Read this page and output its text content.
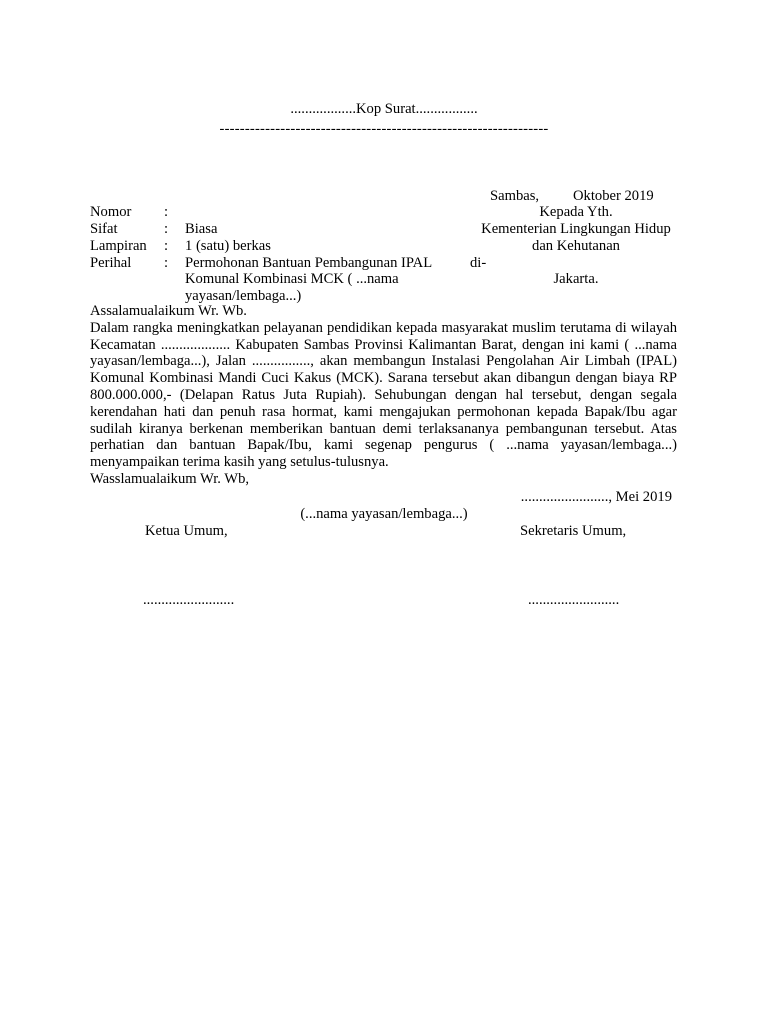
..................Kop Surat.................
-----------------------------------------------------------------
Sambas, Oktober 2019
Kepada Yth.
Kementerian Lingkungan Hidup
dan Kehutanan
di-
Jakarta.
Nomor :
Sifat	: Biasa
Lampiran : 1 (satu) berkas
Perihal : Permohonan Bantuan Pembangunan IPAL
Komunal Kombinasi MCK ( ...nama
yayasan/lembaga...)

Assalamualaikum Wr. Wb.

Dalam rangka meningkatkan pelayanan pendidikan kepada masyarakat muslim terutama di wilayah Kecamatan ................... Kabupaten Sambas Provinsi Kalimantan Barat, dengan ini kami ( ...nama yayasan/lembaga...), Jalan ................, akan membangun Instalasi Pengolahan Air Limbah (IPAL) Komunal Kombinasi Mandi Cuci Kakus (MCK). Sarana tersebut akan dibangun dengan biaya RP 800.000.000,- (Delapan Ratus Juta Rupiah). Sehubungan dengan hal tersebut, dengan segala kerendahan hati dan penuh rasa hormat, kami mengajukan permohonan kepada Bapak/Ibu agar sudilah kiranya berkenan memberikan bantuan demi terlaksananya pembangunan tersebut. Atas perhatian dan bantuan Bapak/Ibu, kami segenap pengurus ( ...nama yayasan/lembaga...) menyampaikan terima kasih yang setulus-tulusnya.

Wasslamualaikum Wr. Wb,

........................, Mei 2019
(...nama yayasan/lembaga...)
Ketua Umum,	Sekretaris Umum,
.........................	.........................
